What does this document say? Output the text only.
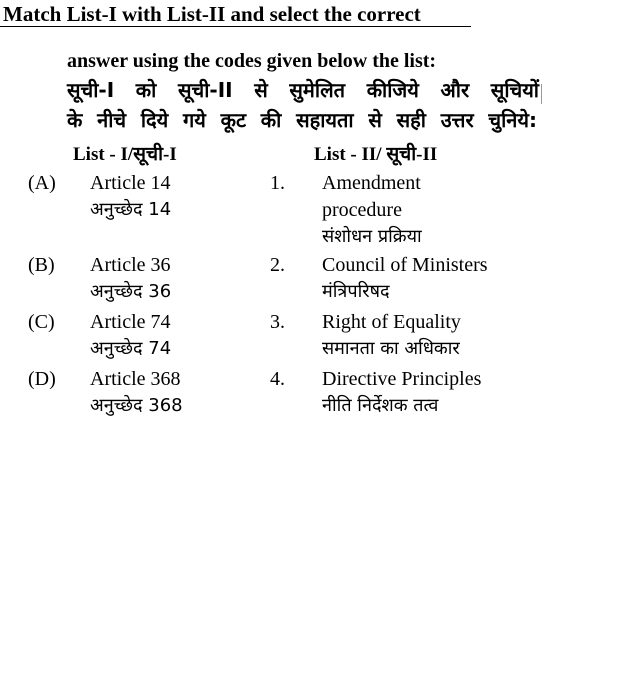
Match List-I with List-II and select the correct
answer using the codes given below the list:
सूची-I को सूची-II से सुमेलित कीजिये और सूचियों
के नीचे दिये गये कूट की सहायता से सही उत्तर चुनिये:
List - I/सूची-I	List - II/ सूची-II
(A) Article 14
अनुच्छेद 14
1. Amendment
procedure
संशोधन प्रक्रिया
(B) Article 36
अनुच्छेद 36
2. Council of Ministers
मंत्रिपरिषद
(C) Article 74
अनुच्छेद 74
3. Right of Equality
समानता का अधिकार
(D) Article 368
अनुच्छेद 368
4. Directive Principles
नीति निर्देशक तत्व
